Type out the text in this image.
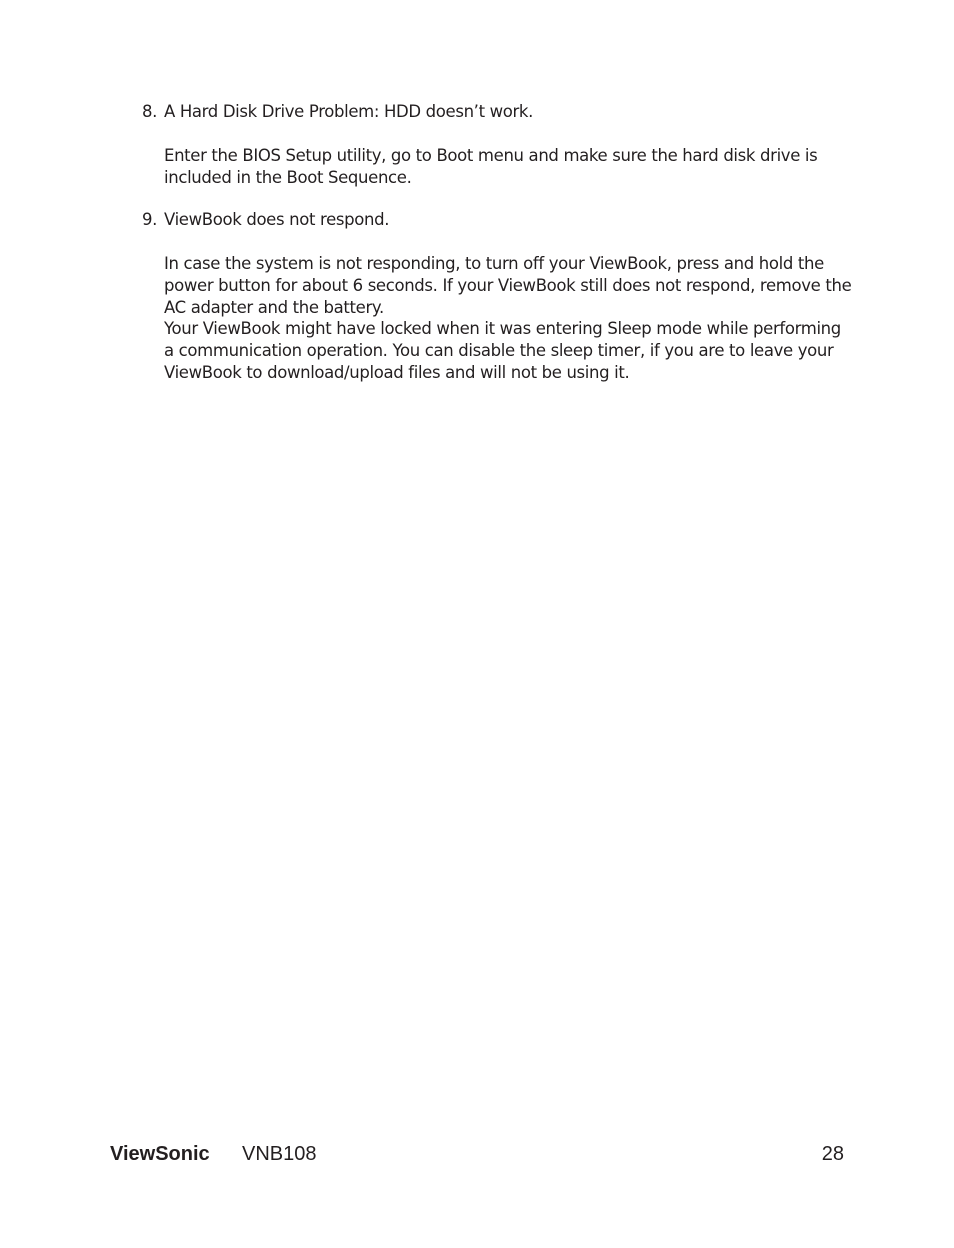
8. A Hard Disk Drive Problem: HDD doesn’t work.

Enter the BIOS Setup utility, go to Boot menu and make sure the hard disk drive is included in the Boot Sequence.

9. ViewBook does not respond.

In case the system is not responding, to turn off your ViewBook, press and hold the power button for about 6 seconds. If your ViewBook still does not respond, remove the AC adapter and the battery.

Your ViewBook might have locked when it was entering Sleep mode while performing a communication operation. You can disable the sleep timer, if you are to leave your ViewBook to download/upload files and will not be using it.

ViewSonic VNB108	28
